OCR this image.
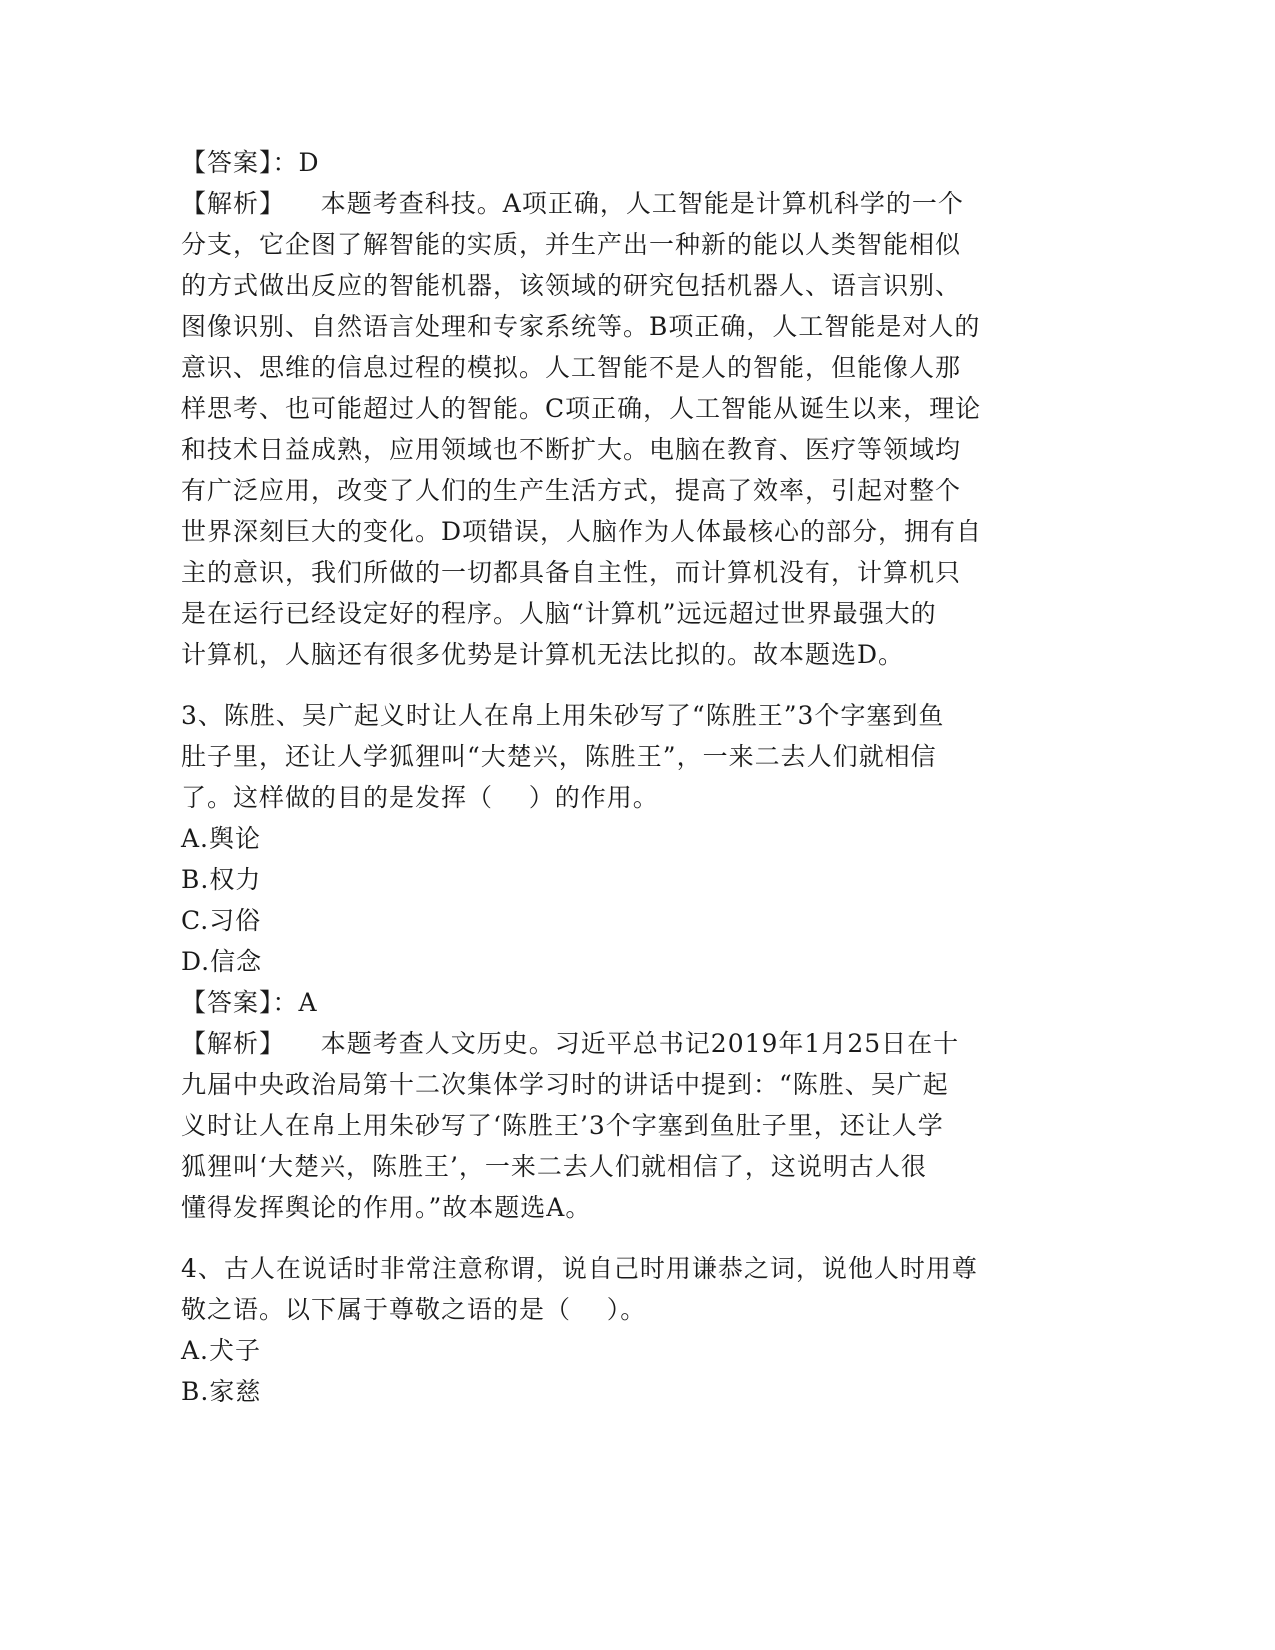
【答案】：D
【解析】    本题考查科技。A项正确，人工智能是计算机科学的一个
分支，它企图了解智能的实质，并生产出一种新的能以人类智能相似
的方式做出反应的智能机器，该领域的研究包括机器人、语言识别、
图像识别、自然语言处理和专家系统等。B项正确，人工智能是对人的
意识、思维的信息过程的模拟。人工智能不是人的智能，但能像人那
样思考、也可能超过人的智能。C项正确，人工智能从诞生以来，理论
和技术日益成熟，应用领域也不断扩大。电脑在教育、医疗等领域均
有广泛应用，改变了人们的生产生活方式，提高了效率，引起对整个
世界深刻巨大的变化。D项错误，人脑作为人体最核心的部分，拥有自
主的意识，我们所做的一切都具备自主性，而计算机没有，计算机只
是在运行已经设定好的程序。人脑“计算机”远远超过世界最强大的
计算机，人脑还有很多优势是计算机无法比拟的。故本题选D。
3、陈胜、吴广起义时让人在帛上用朱砂写了“陈胜王”3个字塞到鱼
肚子里，还让人学狐狸叫“大楚兴，陈胜王”，一来二去人们就相信
了。这样做的目的是发挥（    ）的作用。
A.舆论
B.权力
C.习俗
D.信念
【答案】：A
【解析】    本题考查人文历史。习近平总书记2019年1月25日在十
九届中央政治局第十二次集体学习时的讲话中提到：“陈胜、吴广起
义时让人在帛上用朱砂写了‘陈胜王’3个字塞到鱼肚子里，还让人学
狐狸叫‘大楚兴，陈胜王’，一来二去人们就相信了，这说明古人很
懂得发挥舆论的作用。”故本题选A。
4、古人在说话时非常注意称谓，说自己时用谦恭之词，说他人时用尊
敬之语。以下属于尊敬之语的是（    ）。
A.犬子
B.家慈
